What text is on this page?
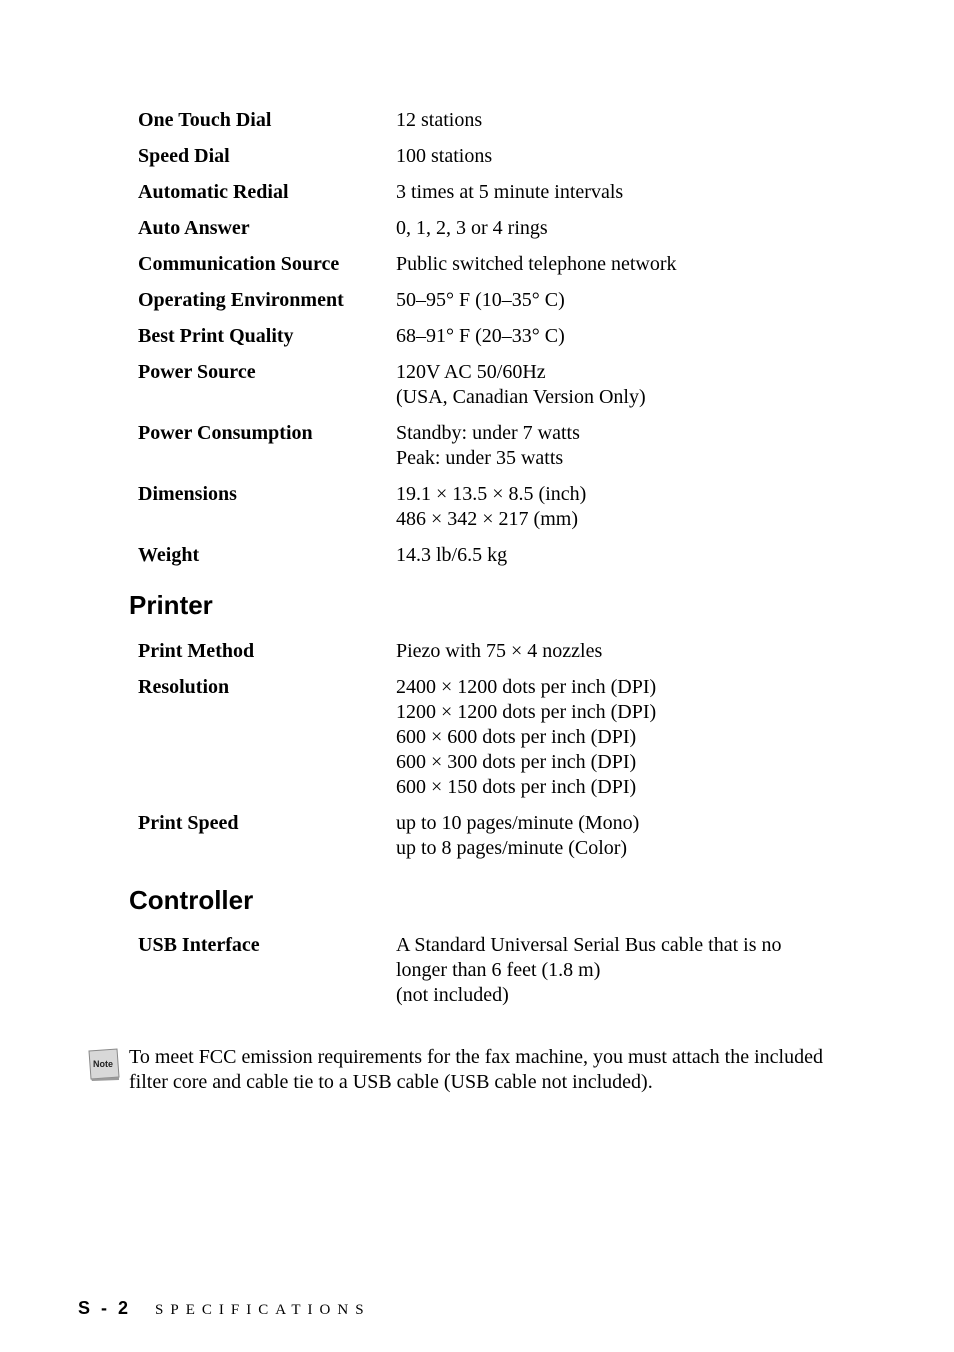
One Touch Dial	12 stations
Speed Dial	100 stations
Automatic Redial	3 times at 5 minute intervals
Auto Answer	0, 1, 2, 3 or 4 rings
Communication Source	Public switched telephone network
Operating Environment	50–95° F (10–35° C)
Best Print Quality	68–91° F (20–33° C)
Power Source	120V AC 50/60Hz
(USA, Canadian Version Only)
Power Consumption	Standby: under 7 watts
Peak: under 35 watts
Dimensions	19.1 × 13.5 × 8.5 (inch)
486 × 342 × 217 (mm)
Weight	14.3 lb/6.5 kg
Printer
Print Method	Piezo with 75 × 4 nozzles
Resolution	2400 × 1200 dots per inch (DPI)
1200 × 1200 dots per inch (DPI)
600 × 600 dots per inch (DPI)
600 × 300 dots per inch (DPI)
600 × 150 dots per inch (DPI)
Print Speed	up to 10 pages/minute (Mono)
up to 8 pages/minute (Color)
Controller
USB Interface	A Standard Universal Serial Bus cable that is no
longer than 6 feet (1.8 m)
(not included)
Note To meet FCC emission requirements for the fax machine, you must attach the included filter core and cable tie to a USB cable (USB cable not included).
S - 2 SPECIFICATIONS
